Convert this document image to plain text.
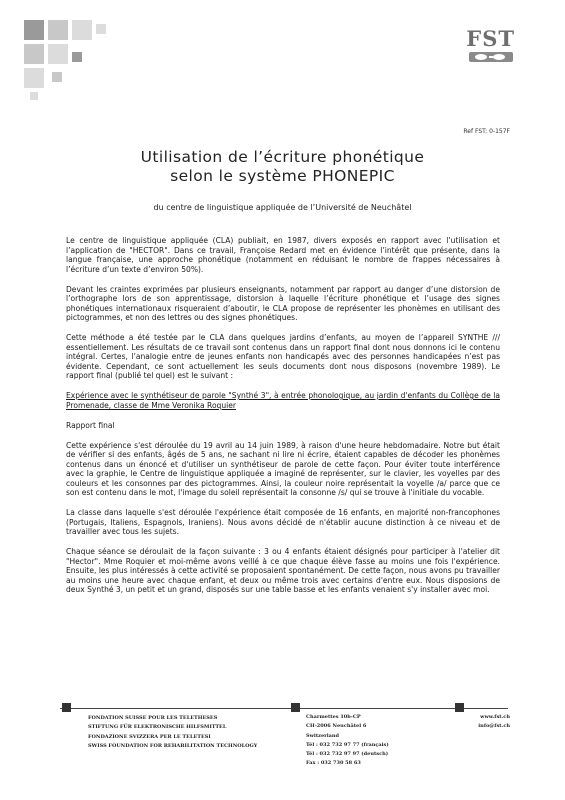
FST
Ref FST: 0-157F
Utilisation de l’écriture phonétique
selon le système PHONEPIC
du centre de linguistique appliquée de l’Université de Neuchâtel

Le centre de linguistique appliquée (CLA) publiait, en 1987, divers exposés en rapport avec l’utilisation et l’application de "HECTOR". Dans ce travail, Françoise Redard met en évidence l’intérêt que présente, dans la langue française, une approche phonétique (notamment en réduisant le nombre de frappes nécessaires à l’écriture d’un texte d’environ 50%).

Devant les craintes exprimées par plusieurs enseignants, notamment par rapport au danger d’une distorsion de l’orthographe lors de son apprentissage, distorsion à laquelle l’écriture phonétique et l’usage des signes phonétiques internationaux risqueraient d’aboutir, le CLA propose de représenter les phonèmes en utilisant des pictogrammes, et non des lettres ou des signes phonétiques.

Cette méthode a été testée par le CLA dans quelques jardins d’enfants, au moyen de l’appareil SYNTHE /// essentiellement. Les résultats de ce travail sont contenus dans un rapport final dont nous donnons ici le contenu intégral. Certes, l’analogie entre de jeunes enfants non handicapés avec des personnes handicapées n’est pas évidente. Cependant, ce sont actuellement les seuls documents dont nous disposons (novembre 1989). Le rapport final (publié tel quel) est le suivant :

Expérience avec le synthétiseur de parole "Synthé 3", à entrée phonologique, au jardin d'enfants du Collège de la Promenade, classe de Mme Veronika Roquier

Rapport final

Cette expérience s'est déroulée du 19 avril au 14 juin 1989, à raison d'une heure hebdomadaire. Notre but était de vérifier si des enfants, âgés de 5 ans, ne sachant ni lire ni écrire, étaient capables de décoder les phonèmes contenus dans un énoncé et d'utiliser un synthétiseur de parole de cette façon. Pour éviter toute interférence avec la graphie, le Centre de linguistique appliquée a imaginé de représenter, sur le clavier, les voyelles par des couleurs et les consonnes par des pictogrammes. Ainsi, la couleur noire représentait la voyelle /a/ parce que ce son est contenu dans le mot, l'image du soleil représentait la consonne /s/ qui se trouve à l'initiale du vocable.

La classe dans laquelle s'est déroulée l'expérience était composée de 16 enfants, en majorité non-francophones (Portugais, Italiens, Espagnols, Iraniens). Nous avons décidé de n'établir aucune distinction à ce niveau et de travailler avec tous les sujets.

Chaque séance se déroulait de la façon suivante : 3 ou 4 enfants étaient désignés pour participer à l'atelier dit "Hector". Mme Roquier et moi-même avons veillé à ce que chaque élève fasse au moins une fois l'expérience. Ensuite, les plus intéressés à cette activité se proposaient spontanément. De cette façon, nous avons pu travailler au moins une heure avec chaque enfant, et deux ou même trois avec certains d'entre eux. Nous disposions de deux Synthé 3, un petit et un grand, disposés sur une table basse et les enfants venaient s'y installer avec moi.

FONDATION SUISSE POUR LES TELETHESES
STIFTUNG FÜR ELEKTRONISCHE HILFSMITTEL
FONDAZIONE SVIZZERA PER LE TELETESI
SWISS FOUNDATION FOR REHABILITATION TECHNOLOGY
Charmettes 10b-CP
CH-2006 Neuchâtel 6
Switzerland
Tél : 032 732 97 77 (français)
Tél : 032 732 97 97 (deutsch)
Fax : 032 730 58 63
www.fst.ch
info@fst.ch
